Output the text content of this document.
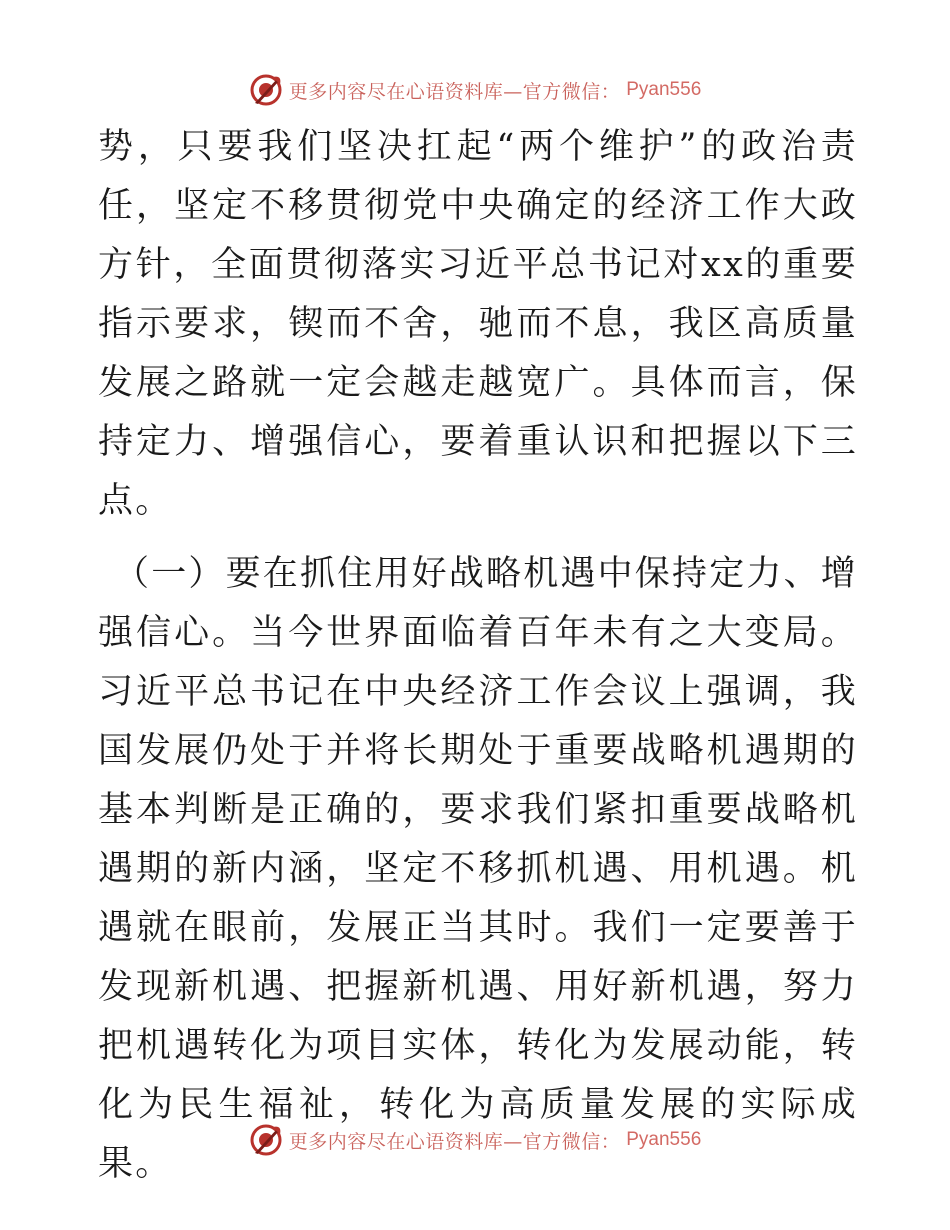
更多内容尽在心语资料库—官方微信： Pyan556

势，只要我们坚决扛起“两个维护”的政治责任，坚定不移贯彻党中央确定的经济工作大政方针，全面贯彻落实习近平总书记对xx的重要指示要求，锲而不舍，驰而不息，我区高质量发展之路就一定会越走越宽广。具体而言，保持定力、增强信心，要着重认识和把握以下三点。

（一）要在抓住用好战略机遇中保持定力、增强信心。当今世界面临着百年未有之大变局。习近平总书记在中央经济工作会议上强调，我国发展仍处于并将长期处于重要战略机遇期的基本判断是正确的，要求我们紧扣重要战略机遇期的新内涵，坚定不移抓机遇、用机遇。机遇就在眼前，发展正当其时。我们一定要善于发现新机遇、把握新机遇、用好新机遇，努力把机遇转化为项目实体，转化为发展动能，转化为民生福祉，转化为高质量发展的实际成果。

更多内容尽在心语资料库—官方微信： Pyan556
